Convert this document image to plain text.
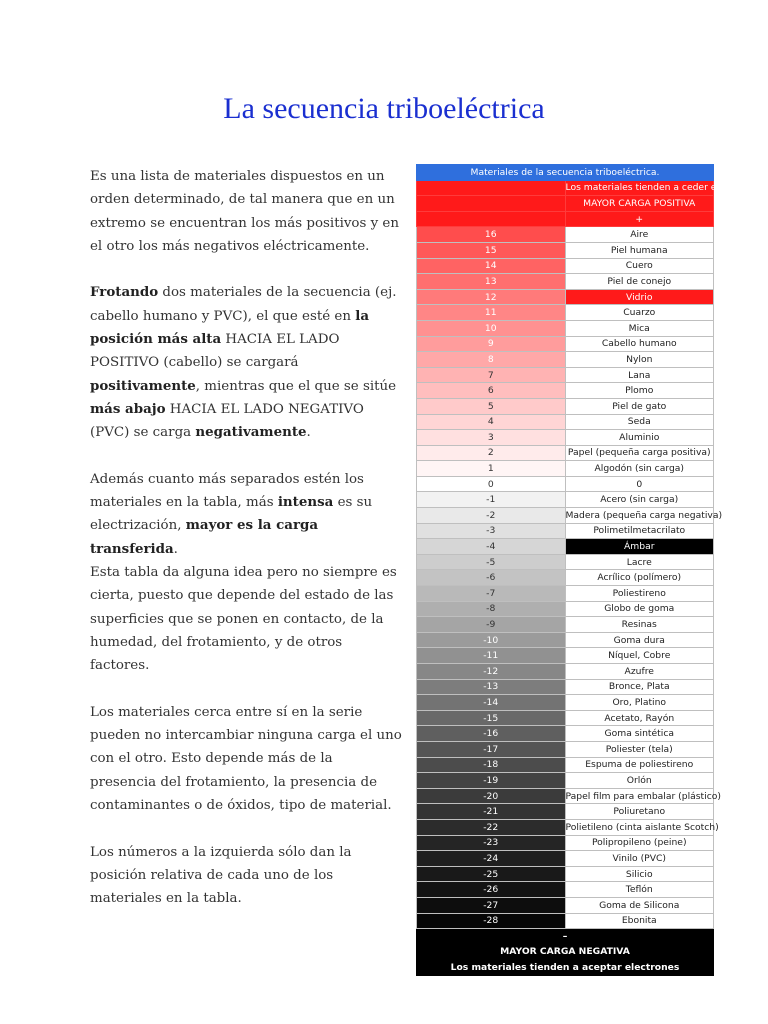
La secuencia triboeléctrica

Es una lista de materiales dispuestos en un orden determinado, de tal manera que en un extremo se encuentran los más positivos y en el otro los más negativos eléctricamente.

Frotando dos materiales de la secuencia (ej. cabello humano y PVC), el que esté en la posición más alta HACIA EL LADO POSITIVO (cabello) se cargará positivamente, mientras que el que se sitúe más abajo HACIA EL LADO NEGATIVO (PVC) se carga negativamente.

Además cuanto más separados estén los materiales en la tabla, más intensa es su electrización, mayor es la carga transferida.

Esta tabla da alguna idea pero no siempre es cierta, puesto que depende del estado de las superficies que se ponen en contacto, de la humedad, del frotamiento, y de otros factores.

Los materiales cerca entre sí en la serie pueden no intercambiar ninguna carga el uno con el otro. Esto depende más de la presencia del frotamiento, la presencia de contaminantes o de óxidos, tipo de material.

Los números a la izquierda sólo dan la posición relativa de cada uno de los materiales en la tabla.

Materiales de la secuencia triboeléctrica.	
	Los materiales tienden a ceder electrones
	MAYOR CARGA POSITIVA
	+
16	Aire
15	Piel humana
14	Cuero
13	Piel de conejo
12	Vidrio
11	Cuarzo
10	Mica
9	Cabello humano
8	Nylon
7	Lana
6	Plomo
5	Piel de gato
4	Seda
3	Aluminio
2	Papel (pequeña carga positiva)
1	Algodón (sin carga)
0	0
-1	Acero (sin carga)
-2	Madera (pequeña carga negativa)
-3	Polimetilmetacrilato
-4	Ámbar
-5	Lacre
-6	Acrílico (polímero)
-7	Poliestireno
-8	Globo de goma
-9	Resinas
-10	Goma dura
-11	Níquel, Cobre
-12	Azufre
-13	Bronce, Plata
-14	Oro, Platino
-15	Acetato, Rayón
-16	Goma sintética
-17	Poliester (tela)
-18	Espuma de poliestireno
-19	Orlón
-20	Papel film para embalar (plástico)
-21	Poliuretano
-22	Polietileno (cinta aislante Scotch)
-23	Polipropileno (peine)
-24	Vinilo (PVC)
-25	Silicio
-26	Teflón
-27	Goma de Silicona
-28	Ebonita
–	
MAYOR CARGA NEGATIVA	
Los materiales tienden a aceptar electrones	
